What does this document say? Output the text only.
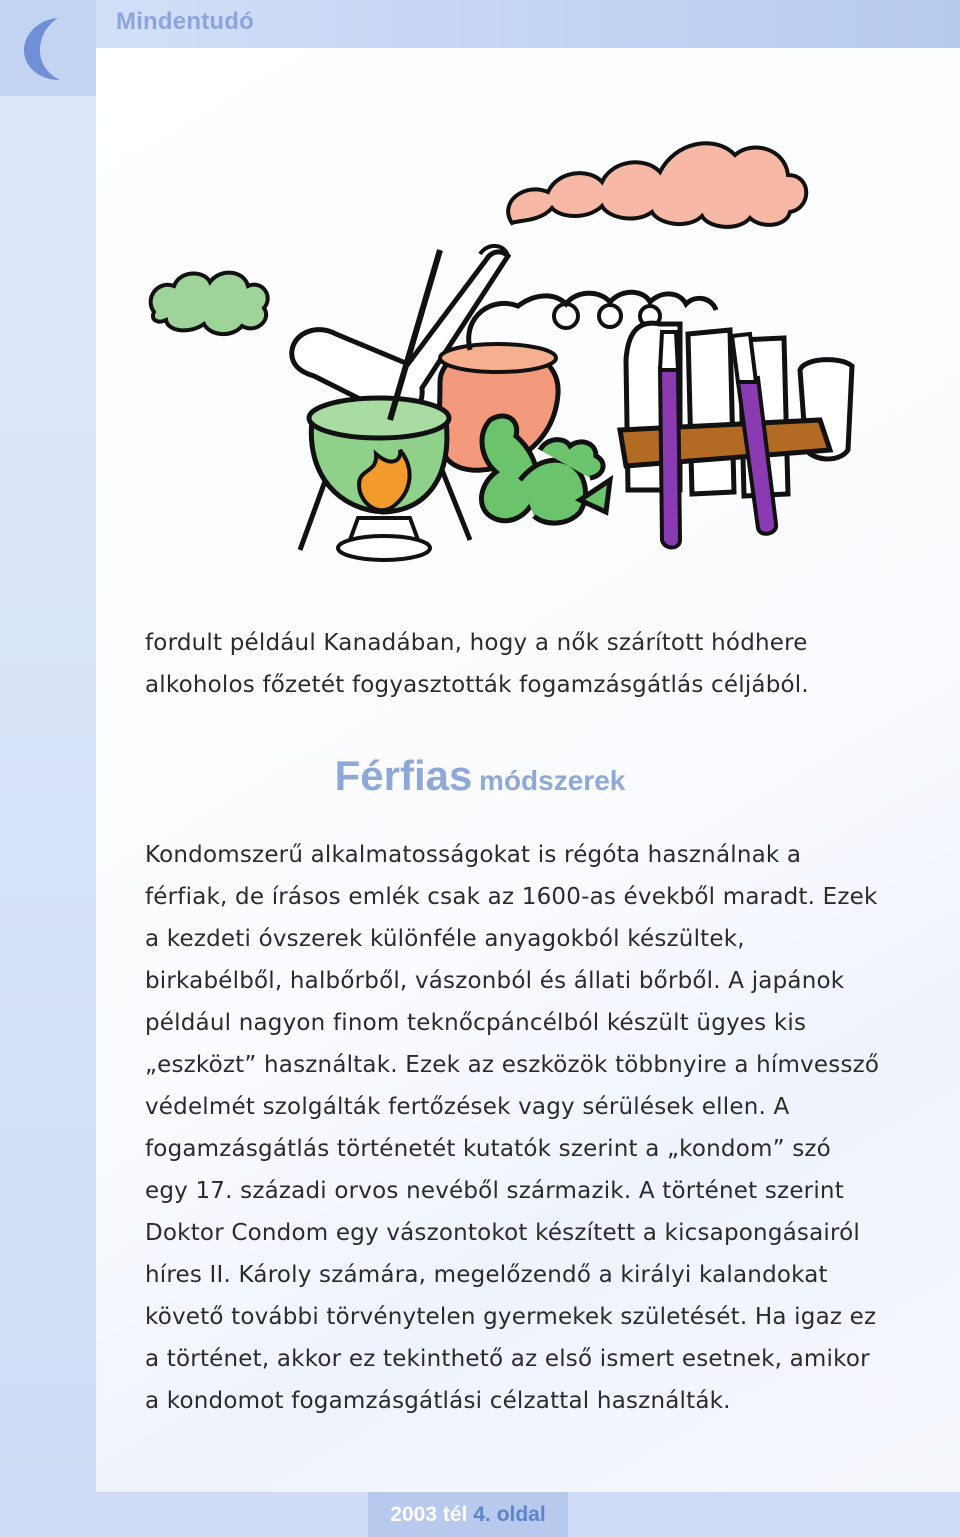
Mindentudó

fordult például Kanadában, hogy a nők szárított hódhere alkoholos főzetét fogyasztották fogamzásgátlás céljából.

Férfias módszerek

Kondomszerű alkalmatosságokat is régóta használnak a férfiak, de írásos emlék csak az 1600-as évekből maradt. Ezek a kezdeti óvszerek különféle anyagokból készültek, birkabélből, halbőrből, vászonból és állati bőrből. A japánok például nagyon finom teknőcpáncélból készült ügyes kis „eszközt” használtak. Ezek az eszközök többnyire a hímvessző védelmét szolgálták fertőzések vagy sérülések ellen. A fogamzásgátlás történetét kutatók szerint a „kondom” szó egy 17. századi orvos nevéből származik. A történet szerint Doktor Condom egy vászontokot készített a kicsapongásairól híres II. Károly számára, megelőzendő a királyi kalandokat követő további törvénytelen gyermekek születését. Ha igaz ez a történet, akkor ez tekinthető az első ismert esetnek, amikor a kondomot fogamzásgátlási célzattal használták.

2003 tél 4. oldal
